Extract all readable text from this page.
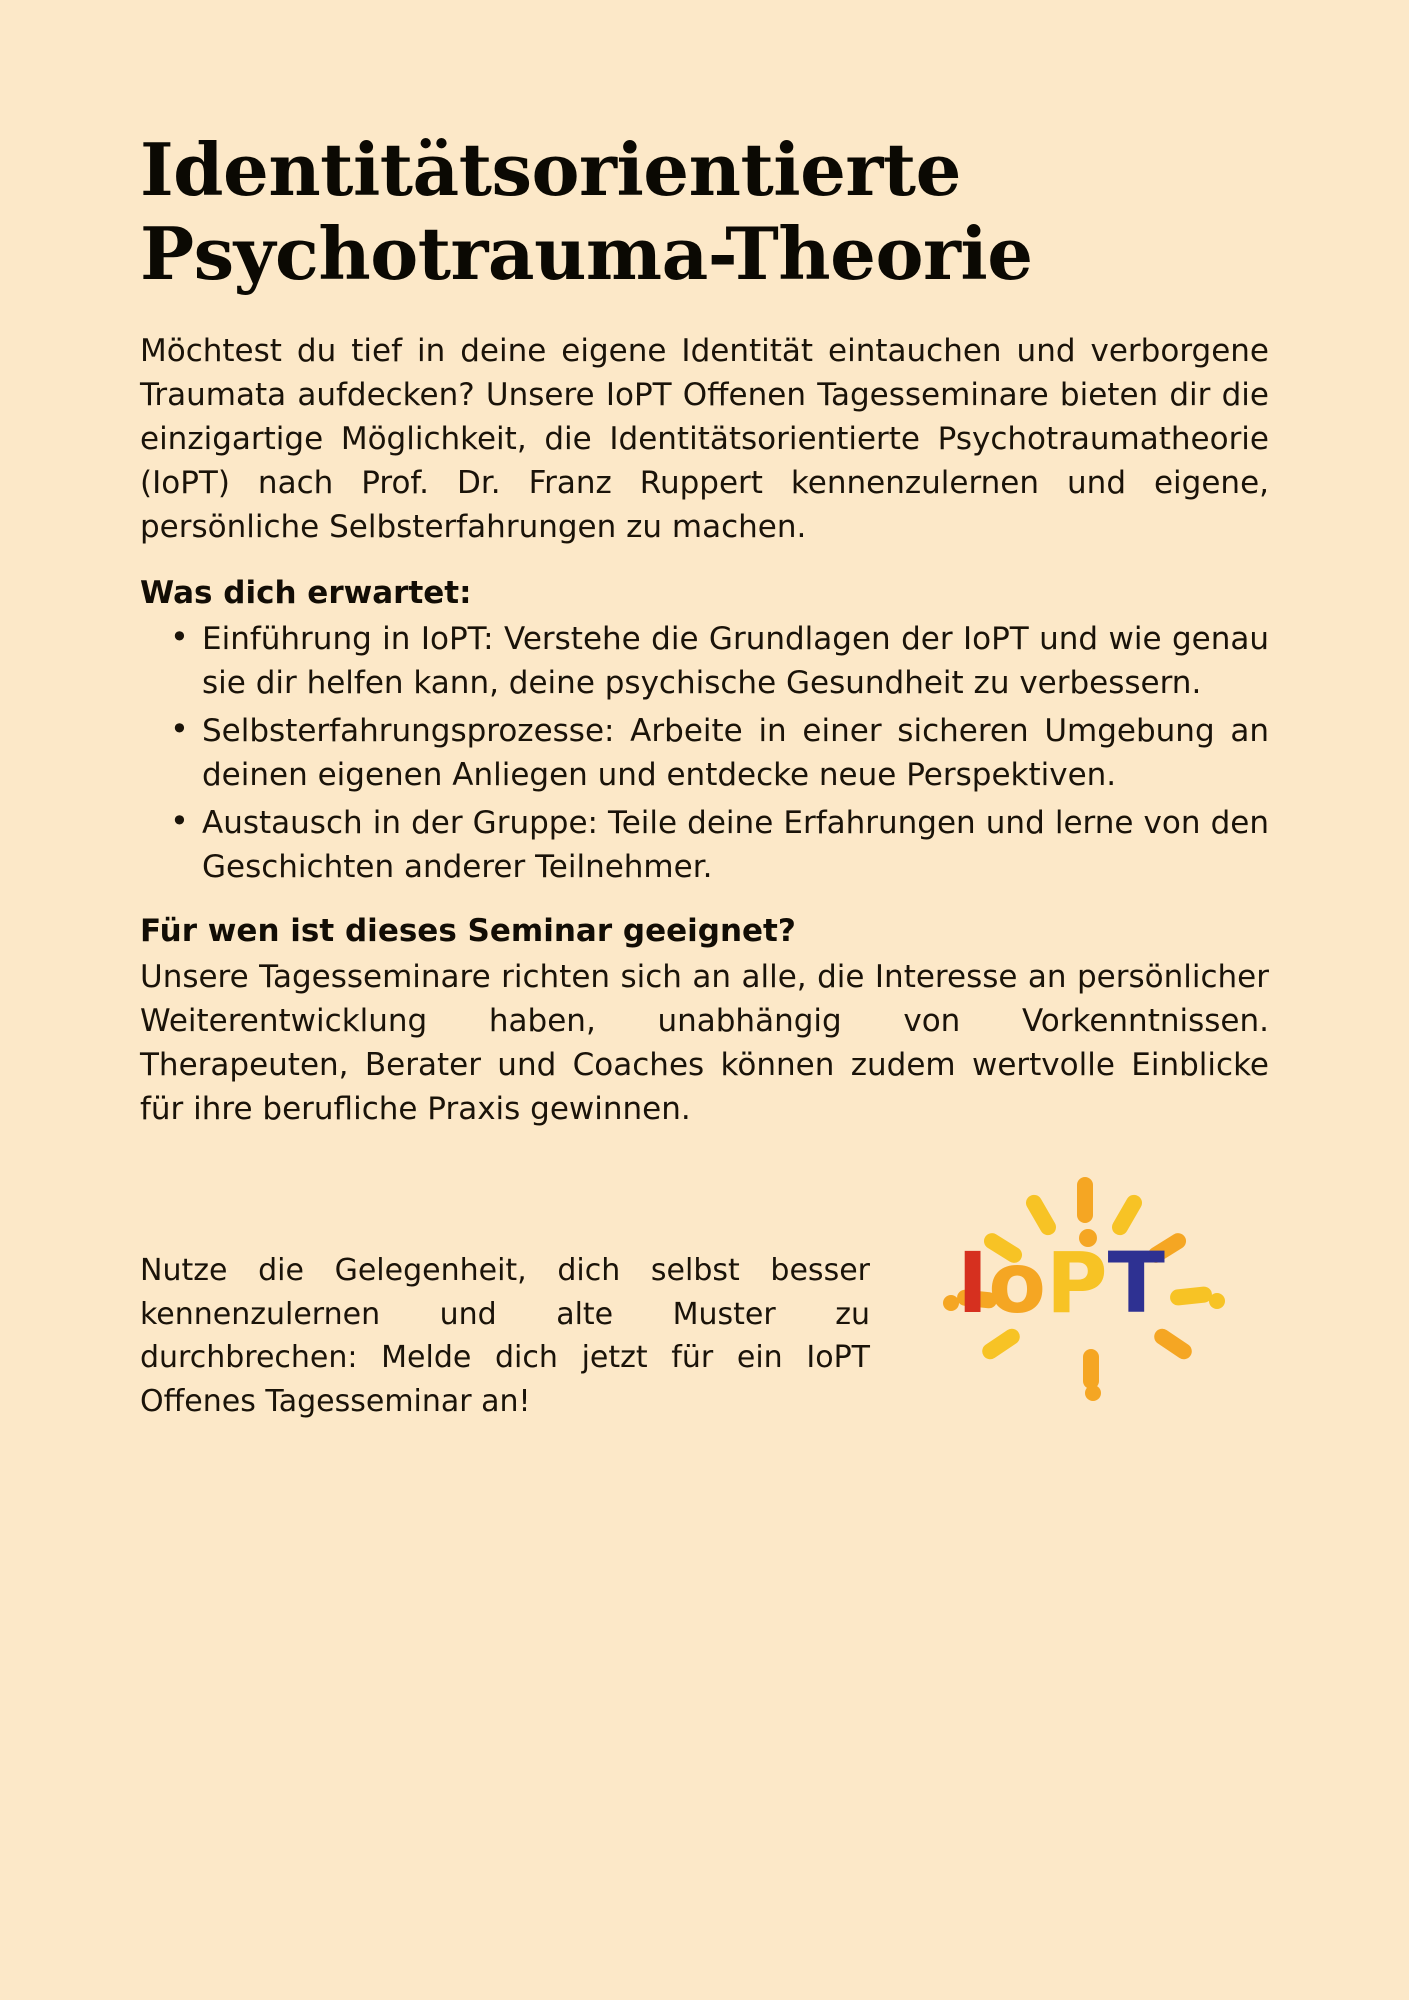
Identitätsorientierte
Psychotrauma-Theorie

Möchtest du tief in deine eigene Identität eintauchen und verborgene Traumata aufdecken? Unsere IoPT Offenen Tagesseminare bieten dir die einzigartige Möglichkeit, die Identitätsorientierte Psychotraumatheorie (IoPT) nach Prof. Dr. Franz Ruppert kennenzulernen und eigene, persönliche Selbsterfahrungen zu machen.

Was dich erwartet:
• Einführung in IoPT: Verstehe die Grundlagen der IoPT und wie genau sie dir helfen kann, deine psychische Gesundheit zu verbessern.
• Selbsterfahrungsprozesse: Arbeite in einer sicheren Umgebung an deinen eigenen Anliegen und entdecke neue Perspektiven.
• Austausch in der Gruppe: Teile deine Erfahrungen und lerne von den Geschichten anderer Teilnehmer.
Für wen ist dieses Seminar geeignet?

Unsere Tagesseminare richten sich an alle, die Interesse an persönlicher Weiterentwicklung haben, unabhängig von Vorkenntnissen. Therapeuten, Berater und Coaches können zudem wertvolle Einblicke für ihre berufliche Praxis gewinnen.

Nutze die Gelegenheit, dich selbst besser kennenzulernen und alte Muster zu durchbrechen: Melde dich jetzt für ein IoPT Offenes Tagesseminar an!

IoPT
